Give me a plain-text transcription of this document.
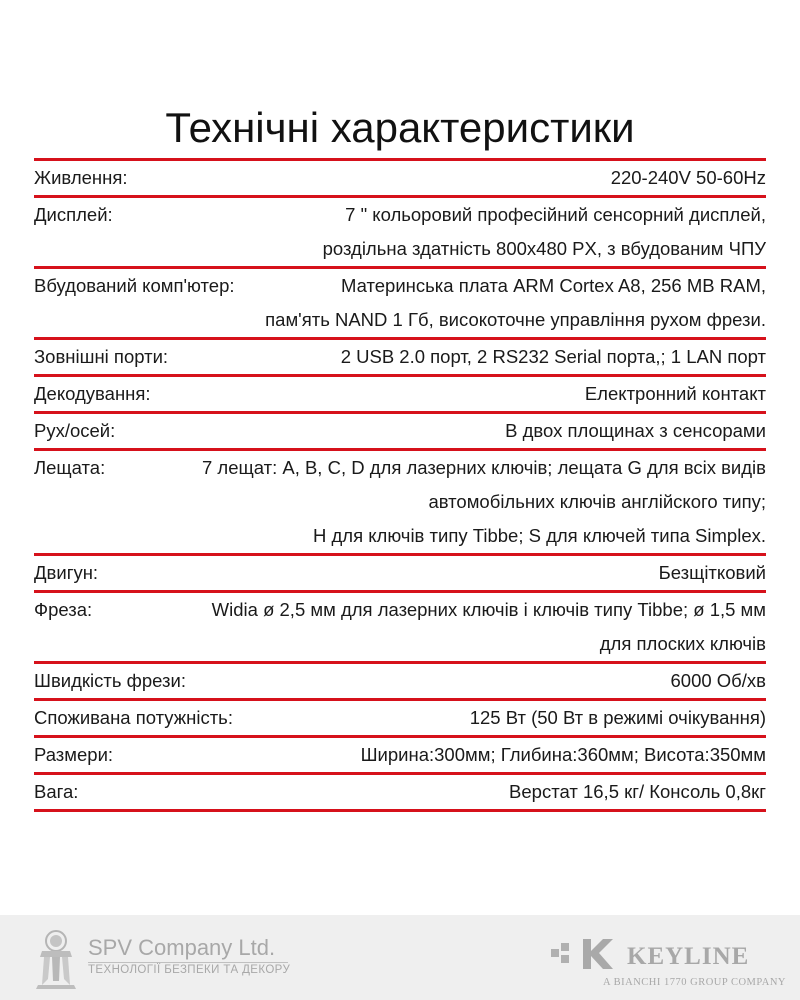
Технічні характеристики
Живлення:	220-240V 50-60Hz
Дисплей:	7 " кольоровий професійний сенсорний дисплей,
роздільна здатність 800x480 PX, з вбудованим ЧПУ
Вбудований комп'ютер:	Материнська плата ARM Cortex A8, 256 MB RAM,
пам'ять NAND 1 Гб, високоточне управління рухом фрези.
Зовнішні порти:	2 USB 2.0 порт, 2 RS232 Serial порта,; 1 LAN порт
Декодування:	Електронний контакт
Рух/осей:	В двох площинах з сенсорами
Лещата:	7 лещат: A, B, C, D для лазерних ключів; лещата G для всіх видів
автомобільних ключів англійского типу;
H для ключів типу Tibbe; S для ключей типа Simplex.
Двигун:	Безщітковий
Фреза:	Widia ø 2,5 мм для лазерних ключів і ключів типу Tibbe; ø 1,5 мм
для плоских ключів
Швидкість фрези:	6000 Об/хв
Споживана потужність:	125 Вт (50 Вт в режимі очікування)
Размери:	Ширина:300мм; Глибина:360мм; Висота:350мм
Вага:	Верстат 16,5 кг/ Консоль 0,8кг
SPV Company Ltd.
ТЕХНОЛОГІЇ БЕЗПЕКИ ТА ДЕКОРУ	KEYLINE
A BIANCHI 1770 GROUP COMPANY
